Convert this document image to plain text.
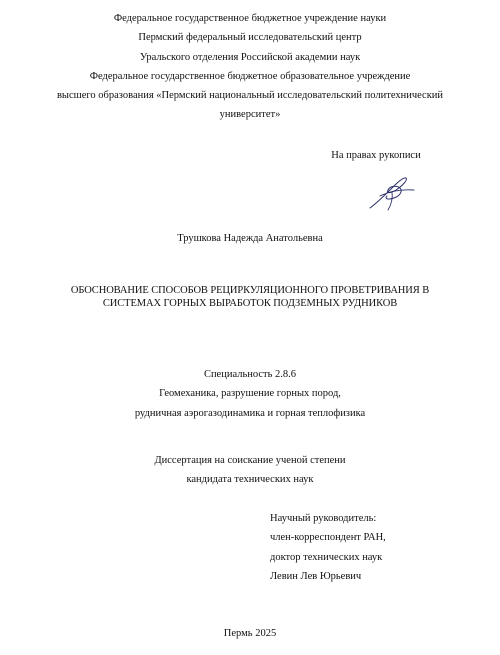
Федеральное государственное бюджетное учреждение науки
Пермский федеральный исследовательский центр
Уральского отделения Российской академии наук
Федеральное государственное бюджетное образовательное учреждение
высшего образования «Пермский национальный исследовательский политехнический
университет»
На правах рукописи
Трушкова Надежда Анатольевна
ОБОСНОВАНИЕ СПОСОБОВ РЕЦИРКУЛЯЦИОННОГО ПРОВЕТРИВАНИЯ В
СИСТЕМАХ ГОРНЫХ ВЫРАБОТОК ПОДЗЕМНЫХ РУДНИКОВ
Специальность 2.8.6
Геомеханика, разрушение горных пород,
рудничная аэрогазодинамика и горная теплофизика
Диссертация на соискание ученой степени
кандидата технических наук
Научный руководитель:
член-корреспондент РАН,
доктор технических наук
Левин Лев Юрьевич
Пермь 2025
